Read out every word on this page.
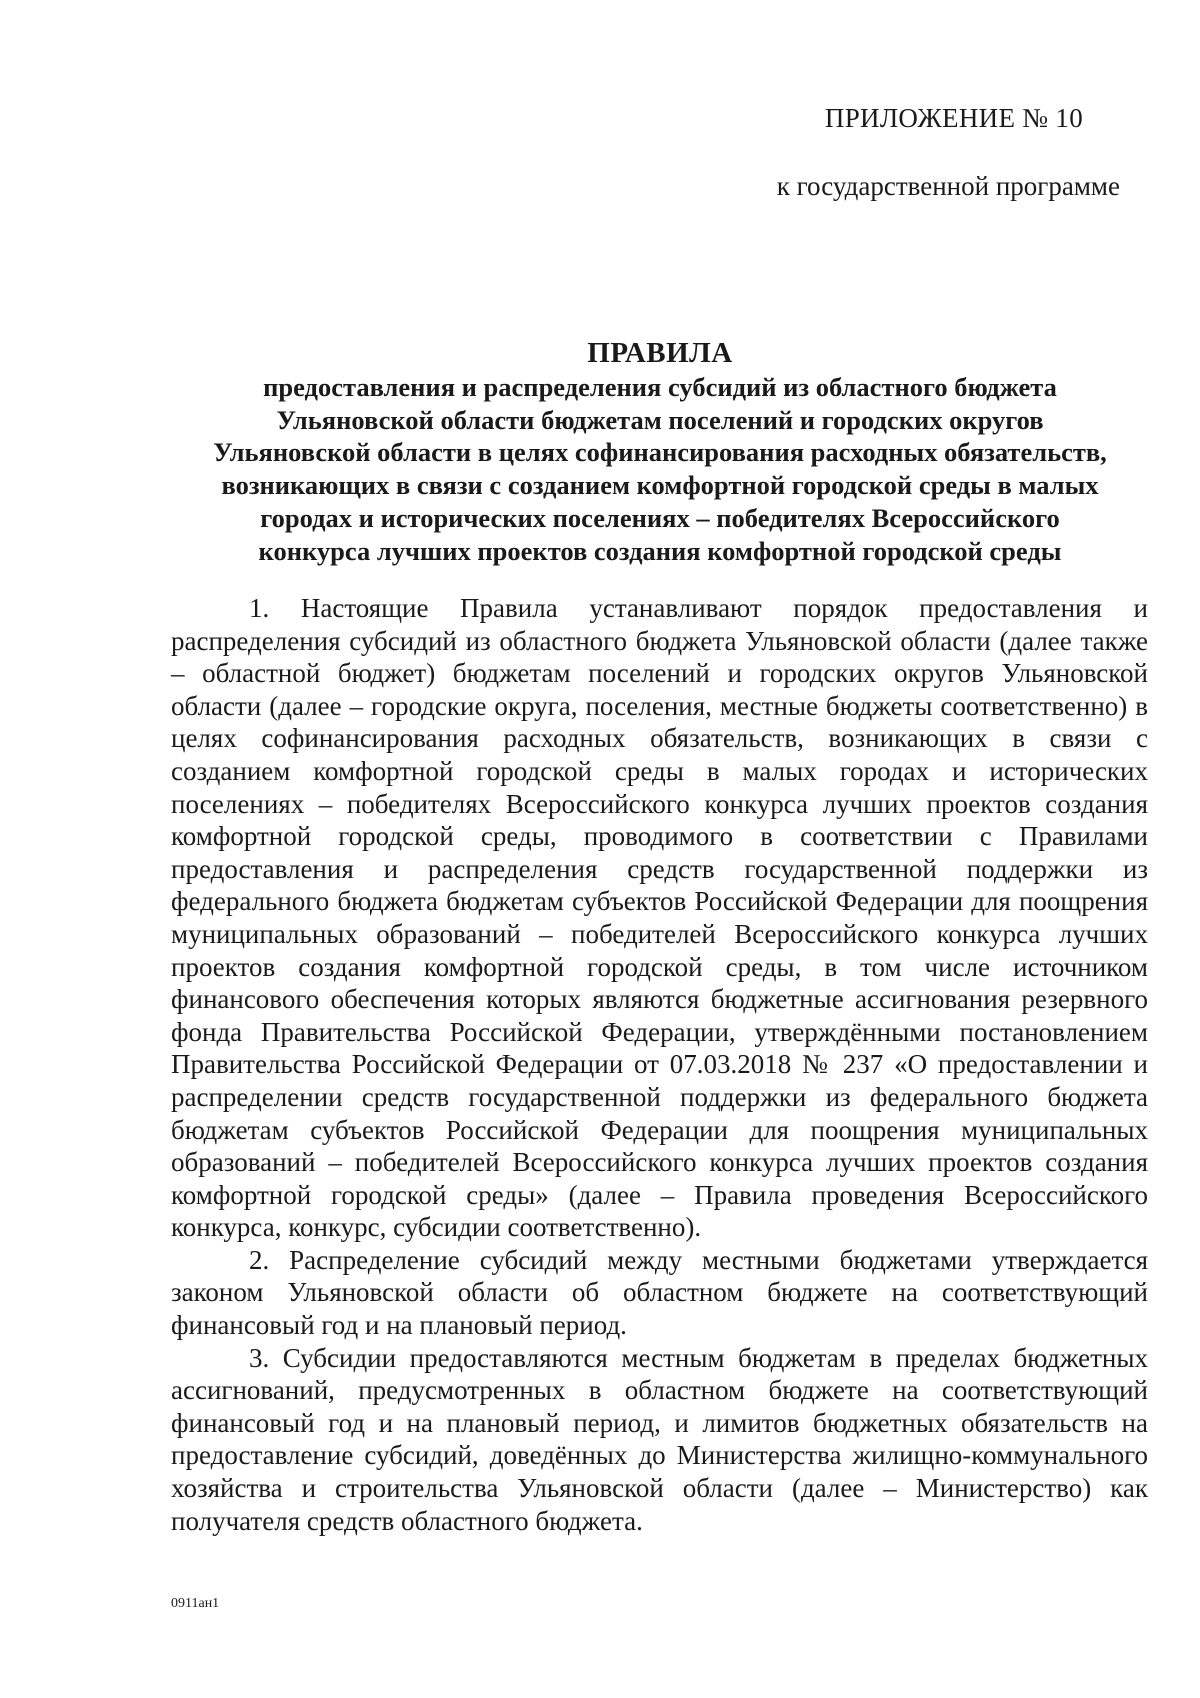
ПРИЛОЖЕНИЕ № 10
к государственной программе
ПРАВИЛА
предоставления и распределения субсидий из областного бюджета
Ульяновской области бюджетам поселений и городских округов
Ульяновской области в целях софинансирования расходных обязательств,
возникающих в связи с созданием комфортной городской среды в малых
городах и исторических поселениях – победителях Всероссийского
конкурса лучших проектов создания комфортной городской среды

1. Настоящие Правила устанавливают порядок предоставления и распределения субсидий из областного бюджета Ульяновской области (далее также – областной бюджет) бюджетам поселений и городских округов Ульяновской области (далее – городские округа, поселения, местные бюджеты соответственно) в целях софинансирования расходных обязательств, возникающих в связи с созданием комфортной городской среды в малых городах и исторических поселениях – победителях Всероссийского конкурса лучших проектов создания комфортной городской среды, проводимого в соответствии с Правилами предоставления и распределения средств государственной поддержки из федерального бюджета бюджетам субъектов Российской Федерации для поощрения муниципальных образований – победителей Всероссийского конкурса лучших проектов создания комфортной городской среды, в том числе источником финансового обеспечения которых являются бюджетные ассигнования резервного фонда Правительства Российской Федерации, утверждёнными постановлением Правительства Российской Федерации от 07.03.2018 № 237 «О предоставлении и распределении средств государственной поддержки из федерального бюджета бюджетам субъектов Российской Федерации для поощрения муниципальных образований – победителей Всероссийского конкурса лучших проектов создания комфортной городской среды» (далее – Правила проведения Всероссийского конкурса, конкурс, субсидии соответственно).

2. Распределение субсидий между местными бюджетами утверждается законом Ульяновской области об областном бюджете на соответствующий финансовый год и на плановый период.

3. Субсидии предоставляются местным бюджетам в пределах бюджетных ассигнований, предусмотренных в областном бюджете на соответствующий финансовый год и на плановый период, и лимитов бюджетных обязательств на предоставление субсидий, доведённых до Министерства жилищно-коммунального хозяйства и строительства Ульяновской области (далее – Министерство) как получателя средств областного бюджета.

0911ан1
